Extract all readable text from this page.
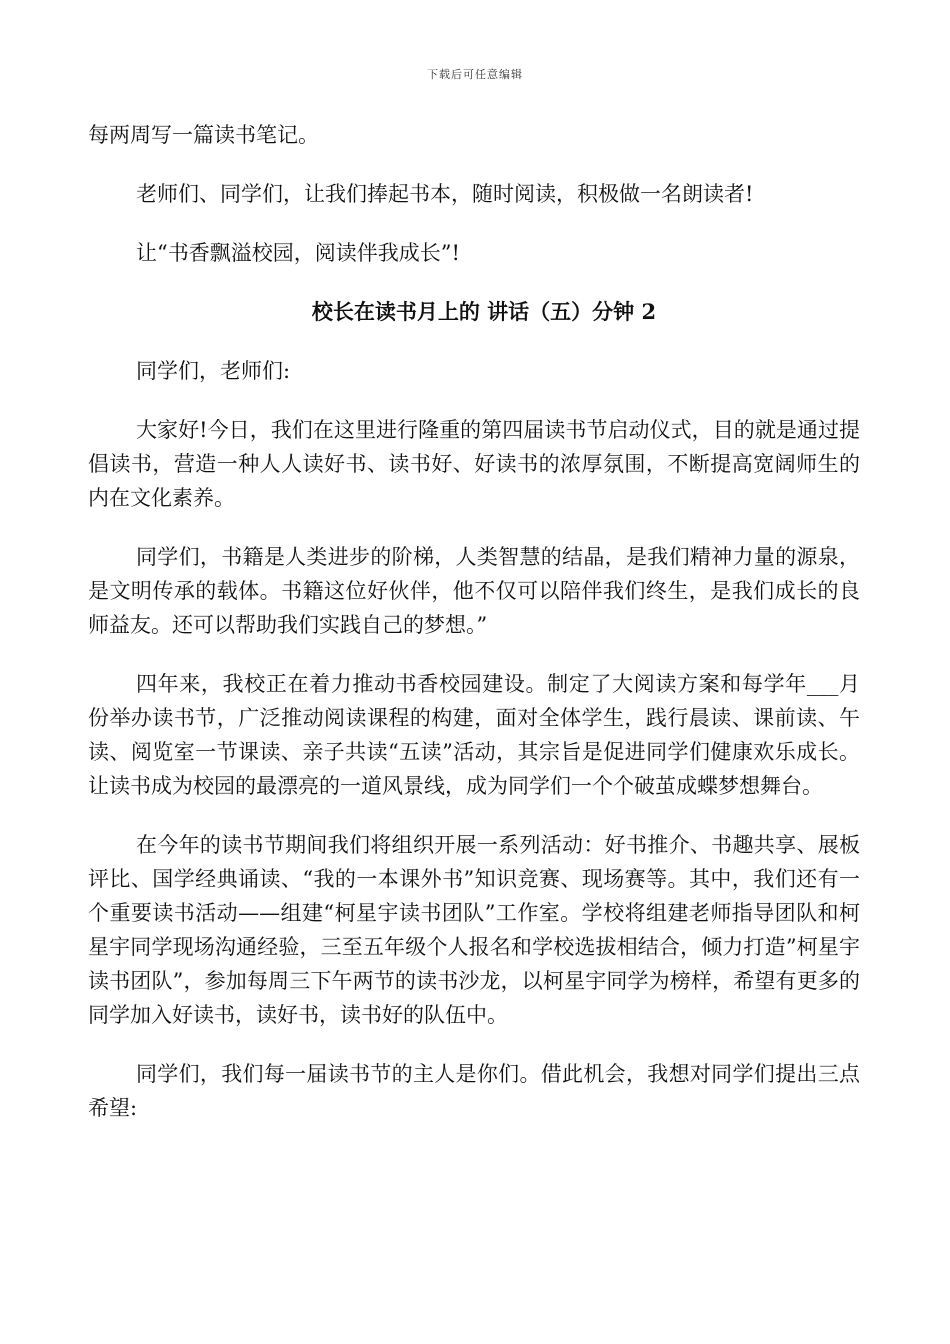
下载后可任意编辑

每两周写一篇读书笔记。

老师们、同学们，让我们捧起书本，随时阅读，积极做一名朗读者!

让“书香飘溢校园，阅读伴我成长”!

校长在读书月上的 讲话（五）分钟 2

同学们，老师们:

大家好!今日，我们在这里进行隆重的第四届读书节启动仪式，目的就是通过提倡读书，营造一种人人读好书、读书好、好读书的浓厚氛围，不断提高宽阔师生的内在文化素养。

同学们，书籍是人类进步的阶梯，人类智慧的结晶，是我们精神力量的源泉，是文明传承的载体。书籍这位好伙伴，他不仅可以陪伴我们终生，是我们成长的良师益友。还可以帮助我们实践自己的梦想。”

四年来，我校正在着力推动书香校园建设。制定了大阅读方案和每学年___月份举办读书节，广泛推动阅读课程的构建，面对全体学生，践行晨读、课前读、午读、阅览室一节课读、亲子共读“五读”活动，其宗旨是促进同学们健康欢乐成长。让读书成为校园的最漂亮的一道风景线，成为同学们一个个破茧成蝶梦想舞台。

在今年的读书节期间我们将组织开展一系列活动：好书推介、书趣共享、展板评比、国学经典诵读、“我的一本课外书”知识竞赛、现场赛等。其中，我们还有一个重要读书活动——组建“柯星宇读书团队”工作室。学校将组建老师指导团队和柯星宇同学现场沟通经验，三至五年级个人报名和学校选拔相结合，倾力打造”柯星宇读书团队”，参加每周三下午两节的读书沙龙，以柯星宇同学为榜样，希望有更多的同学加入好读书，读好书，读书好的队伍中。

同学们，我们每一届读书节的主人是你们。借此机会，我想对同学们提出三点希望:
